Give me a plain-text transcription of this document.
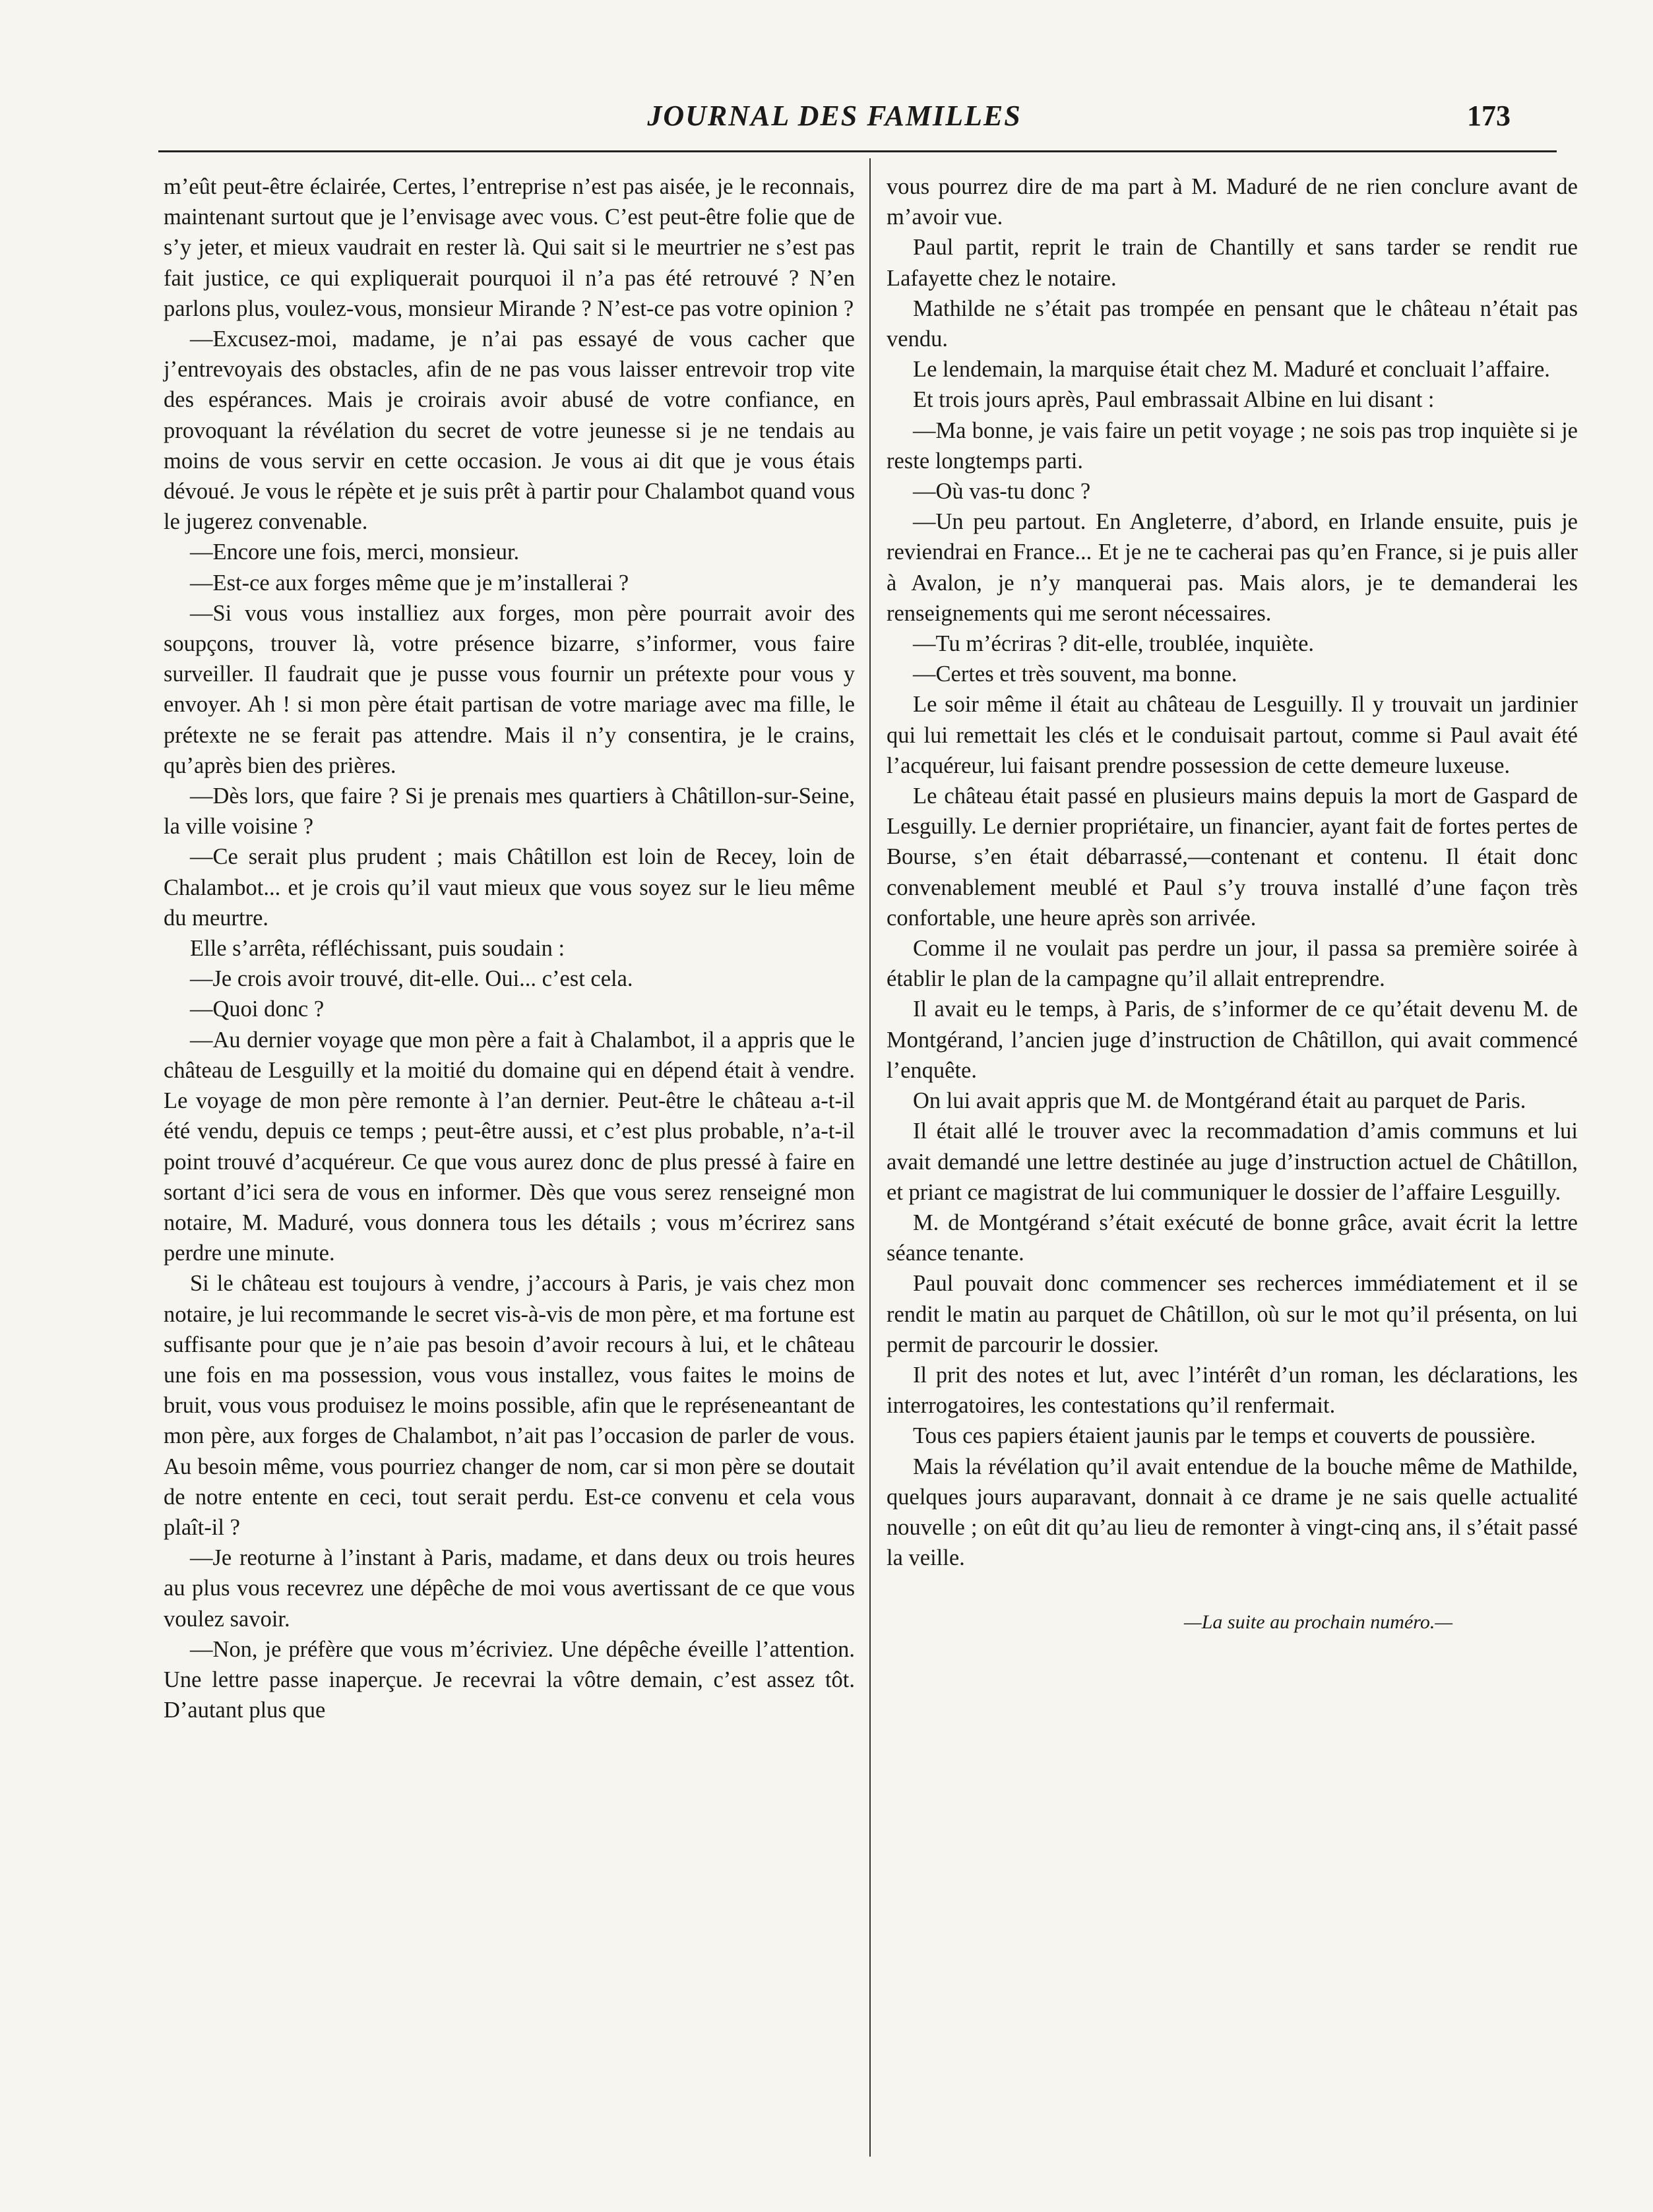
JOURNAL DES FAMILLES	173

m’eût peut-être éclairée, Certes, l’entreprise n’est pas aisée, je le reconnais, maintenant surtout que je l’envisage avec vous. C’est peut-être folie que de s’y jeter, et mieux vaudrait en rester là. Qui sait si le meurtrier ne s’est pas fait justice, ce qui expliquerait pourquoi il n’a pas été retrouvé ? N’en parlons plus, voulez-vous, monsieur Mirande ? N’est-ce pas votre opinion ?

—Excusez-moi, madame, je n’ai pas essayé de vous cacher que j’entrevoyais des obstacles, afin de ne pas vous laisser entrevoir trop vite des espérances. Mais je croirais avoir abusé de votre confiance, en provoquant la révélation du secret de votre jeunesse si je ne tendais au moins de vous servir en cette occasion. Je vous ai dit que je vous étais dévoué. Je vous le répète et je suis prêt à partir pour Chalambot quand vous le jugerez convenable.

—Encore une fois, merci, monsieur.

—Est-ce aux forges même que je m’installerai ?

—Si vous vous installiez aux forges, mon père pourrait avoir des soupçons, trouver là, votre présence bizarre, s’informer, vous faire surveiller. Il faudrait que je pusse vous fournir un prétexte pour vous y envoyer. Ah ! si mon père était partisan de votre mariage avec ma fille, le prétexte ne se ferait pas attendre. Mais il n’y consentira, je le crains, qu’après bien des prières.

—Dès lors, que faire ? Si je prenais mes quartiers à Châtillon-sur-Seine, la ville voisine ?

—Ce serait plus prudent ; mais Châtillon est loin de Recey, loin de Chalambot... et je crois qu’il vaut mieux que vous soyez sur le lieu même du meurtre.

Elle s’arrêta, réfléchissant, puis soudain :

—Je crois avoir trouvé, dit-elle. Oui... c’est cela.

—Quoi donc ?

—Au dernier voyage que mon père a fait à Chalambot, il a appris que le château de Lesguilly et la moitié du domaine qui en dépend était à vendre. Le voyage de mon père remonte à l’an dernier. Peut-être le château a-t-il été vendu, depuis ce temps ; peut-être aussi, et c’est plus probable, n’a-t-il point trouvé d’acquéreur. Ce que vous aurez donc de plus pressé à faire en sortant d’ici sera de vous en informer. Dès que vous serez renseigné mon notaire, M. Maduré, vous donnera tous les détails ; vous m’écrirez sans perdre une minute.

Si le château est toujours à vendre, j’accours à Paris, je vais chez mon notaire, je lui recommande le secret vis-à-vis de mon père, et ma fortune est suffisante pour que je n’aie pas besoin d’avoir recours à lui, et le château une fois en ma possession, vous vous installez, vous faites le moins de bruit, vous vous produisez le moins possible, afin que le représeneantant de mon père, aux forges de Chalambot, n’ait pas l’occasion de parler de vous. Au besoin même, vous pourriez changer de nom, car si mon père se doutait de notre entente en ceci, tout serait perdu. Est-ce convenu et cela vous plaît-il ?

—Je reoturne à l’instant à Paris, madame, et dans deux ou trois heures au plus vous recevrez une dépêche de moi vous avertissant de ce que vous voulez savoir.

—Non, je préfère que vous m’écriviez. Une dépêche éveille l’attention. Une lettre passe inaperçue. Je recevrai la vôtre demain, c’est assez tôt. D’autant plus que

vous pourrez dire de ma part à M. Maduré de ne rien conclure avant de m’avoir vue.

Paul partit, reprit le train de Chantilly et sans tarder se rendit rue Lafayette chez le notaire.

Mathilde ne s’était pas trompée en pensant que le château n’était pas vendu.

Le lendemain, la marquise était chez M. Maduré et concluait l’affaire.

Et trois jours après, Paul embrassait Albine en lui disant :

—Ma bonne, je vais faire un petit voyage ; ne sois pas trop inquiète si je reste longtemps parti.

—Où vas-tu donc ?

—Un peu partout. En Angleterre, d’abord, en Irlande ensuite, puis je reviendrai en France... Et je ne te cacherai pas qu’en France, si je puis aller à Avalon, je n’y manquerai pas. Mais alors, je te demanderai les renseignements qui me seront nécessaires.

—Tu m’écriras ? dit-elle, troublée, inquiète.

—Certes et très souvent, ma bonne.

Le soir même il était au château de Lesguilly. Il y trouvait un jardinier qui lui remettait les clés et le conduisait partout, comme si Paul avait été l’acquéreur, lui faisant prendre possession de cette demeure luxeuse.

Le château était passé en plusieurs mains depuis la mort de Gaspard de Lesguilly. Le dernier propriétaire, un financier, ayant fait de fortes pertes de Bourse, s’en était débarrassé,—contenant et contenu. Il était donc convenablement meublé et Paul s’y trouva installé d’une façon très confortable, une heure après son arrivée.

Comme il ne voulait pas perdre un jour, il passa sa première soirée à établir le plan de la campagne qu’il allait entreprendre.

Il avait eu le temps, à Paris, de s’informer de ce qu’était devenu M. de Montgérand, l’ancien juge d’instruction de Châtillon, qui avait commencé l’enquête.

On lui avait appris que M. de Montgérand était au parquet de Paris.

Il était allé le trouver avec la recommadation d’amis communs et lui avait demandé une lettre destinée au juge d’instruction actuel de Châtillon, et priant ce magistrat de lui communiquer le dossier de l’affaire Lesguilly.

M. de Montgérand s’était exécuté de bonne grâce, avait écrit la lettre séance tenante.

Paul pouvait donc commencer ses recherces immédiatement et il se rendit le matin au parquet de Châtillon, où sur le mot qu’il présenta, on lui permit de parcourir le dossier.

Il prit des notes et lut, avec l’intérêt d’un roman, les déclarations, les interrogatoires, les contestations qu’il renfermait.

Tous ces papiers étaient jaunis par le temps et couverts de poussière.

Mais la révélation qu’il avait entendue de la bouche même de Mathilde, quelques jours auparavant, donnait à ce drame je ne sais quelle actualité nouvelle ; on eût dit qu’au lieu de remonter à vingt-cinq ans, il s’était passé la veille.

—La suite au prochain numéro.—
